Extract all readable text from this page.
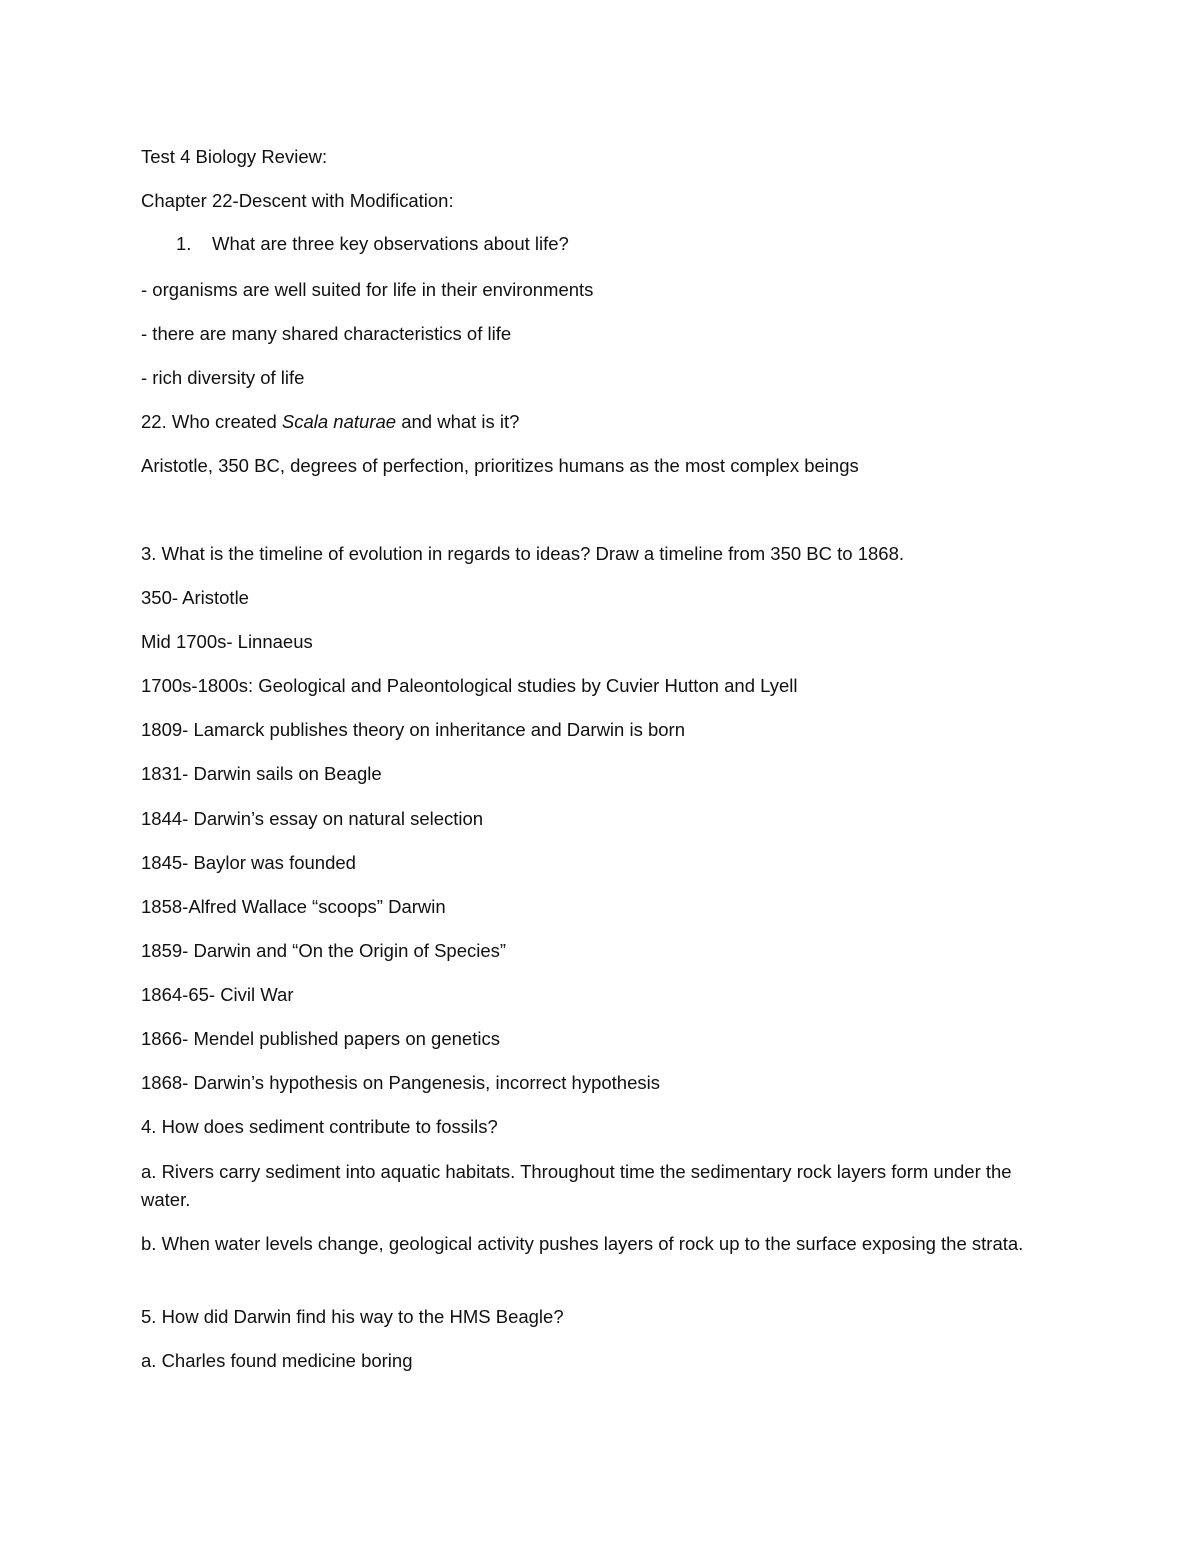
Test 4 Biology Review:

Chapter 22-Descent with Modification:

1. What are three key observations about life?

- organisms are well suited for life in their environments

- there are many shared characteristics of life

- rich diversity of life

22. Who created Scala naturae and what is it?

Aristotle, 350 BC, degrees of perfection, prioritizes humans as the most complex beings

3. What is the timeline of evolution in regards to ideas? Draw a timeline from 350 BC to 1868.

350- Aristotle

Mid 1700s- Linnaeus

1700s-1800s: Geological and Paleontological studies by Cuvier Hutton and Lyell

1809- Lamarck publishes theory on inheritance and Darwin is born

1831- Darwin sails on Beagle

1844- Darwin’s essay on natural selection

1845- Baylor was founded

1858-Alfred Wallace “scoops” Darwin

1859- Darwin and “On the Origin of Species”

1864-65- Civil War

1866- Mendel published papers on genetics

1868- Darwin’s hypothesis on Pangenesis, incorrect hypothesis

4. How does sediment contribute to fossils?

a. Rivers carry sediment into aquatic habitats. Throughout time the sedimentary rock layers form under the water.

b. When water levels change, geological activity pushes layers of rock up to the surface exposing the strata.

5. How did Darwin find his way to the HMS Beagle?

a. Charles found medicine boring
